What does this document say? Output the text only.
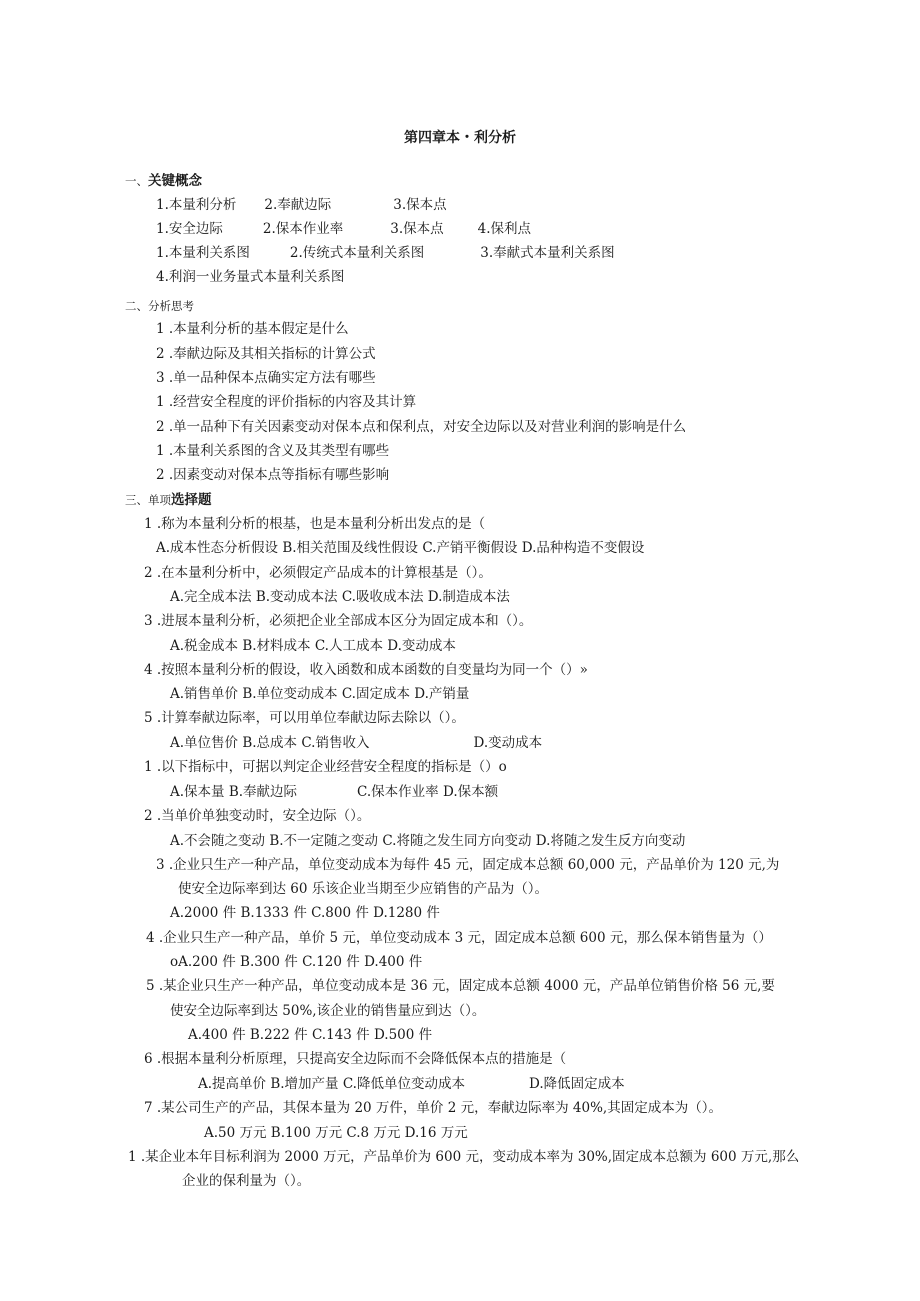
第四章本・利分析
一、关键概念
1.本量利分析 2.奉献边际	3.保本点
1.安全边际	2.保本作业率	3.保本点	4.保利点
1.本量利关系图	2.传统式本量利关系图	3.奉献式本量利关系图
4.利润一业务量式本量利关系图
二、分析思考
1 .本量利分析的基本假定是什么
2 .奉献边际及其相关指标的计算公式
3 .单一品种保本点确实定方法有哪些
1 .经营安全程度的评价指标的内容及其计算
2 .单一品种下有关因素变动对保本点和保利点，对安全边际以及对营业利润的影响是什么
1 .本量利关系图的含义及其类型有哪些
2 .因素变动对保本点等指标有哪些影响
三、单项选择题
1 .称为本量利分析的根基，也是本量利分析出发点的是（
A.成本性态分析假设 B.相关范围及线性假设 C.产销平衡假设 D.品种构造不变假设
2 .在本量利分析中，必须假定产品成本的计算根基是（）。
A.完全成本法 B.变动成本法 C.吸收成本法 D.制造成本法
3 .进展本量利分析，必须把企业全部成本区分为固定成本和（）。
A.税金成本 B.材料成本 C.人工成本 D.变动成本
4 .按照本量利分析的假设，收入函数和成本函数的自变量均为同一个（）»
A.销售单价 B.单位变动成本 C.固定成本 D.产销量
5 .计算奉献边际率，可以用单位奉献边际去除以（）。
A.单位售价 B.总成本 C.销售收入	D.变动成本
1 .以下指标中，可据以判定企业经营安全程度的指标是（）o
A.保本量 B.奉献边际	C.保本作业率 D.保本额
2 .当单价单独变动时，安全边际（）。
A.不会随之变动 B.不一定随之变动 C.将随之发生同方向变动 D.将随之发生反方向变动
3 .企业只生产一种产品，单位变动成本为每件 45 元，固定成本总额 60,000 元，产品单价为 120 元,为
使安全边际率到达 60 乐该企业当期至少应销售的产品为（）。
A.2000 件 B.1333 件 C.800 件 D.1280 件
4 .企业只生产一种产品，单价 5 元，单位变动成本 3 元，固定成本总额 600 元，那么保本销售量为（）
oA.200 件 B.300 件 C.120 件 D.400 件
5 .某企业只生产一种产品，单位变动成本是 36 元，固定成本总额 4000 元，产品单位销售价格 56 元,要
使安全边际率到达 50%,该企业的销售量应到达（）。
A.400 件 B.222 件 C.143 件 D.500 件
6 .根据本量利分析原理，只提高安全边际而不会降低保本点的措施是（
A.提高单价 B.增加产量 C.降低单位变动成本	D.降低固定成本
7 .某公司生产的产品，其保本量为 20 万件，单价 2 元，奉献边际率为 40%,其固定成本为（）。
A.50 万元 B.100 万元 C.8 万元 D.16 万元
1 .某企业本年目标利润为 2000 万元，产品单价为 600 元，变动成本率为 30%,固定成本总额为 600 万元,那么
企业的保利量为（）。
